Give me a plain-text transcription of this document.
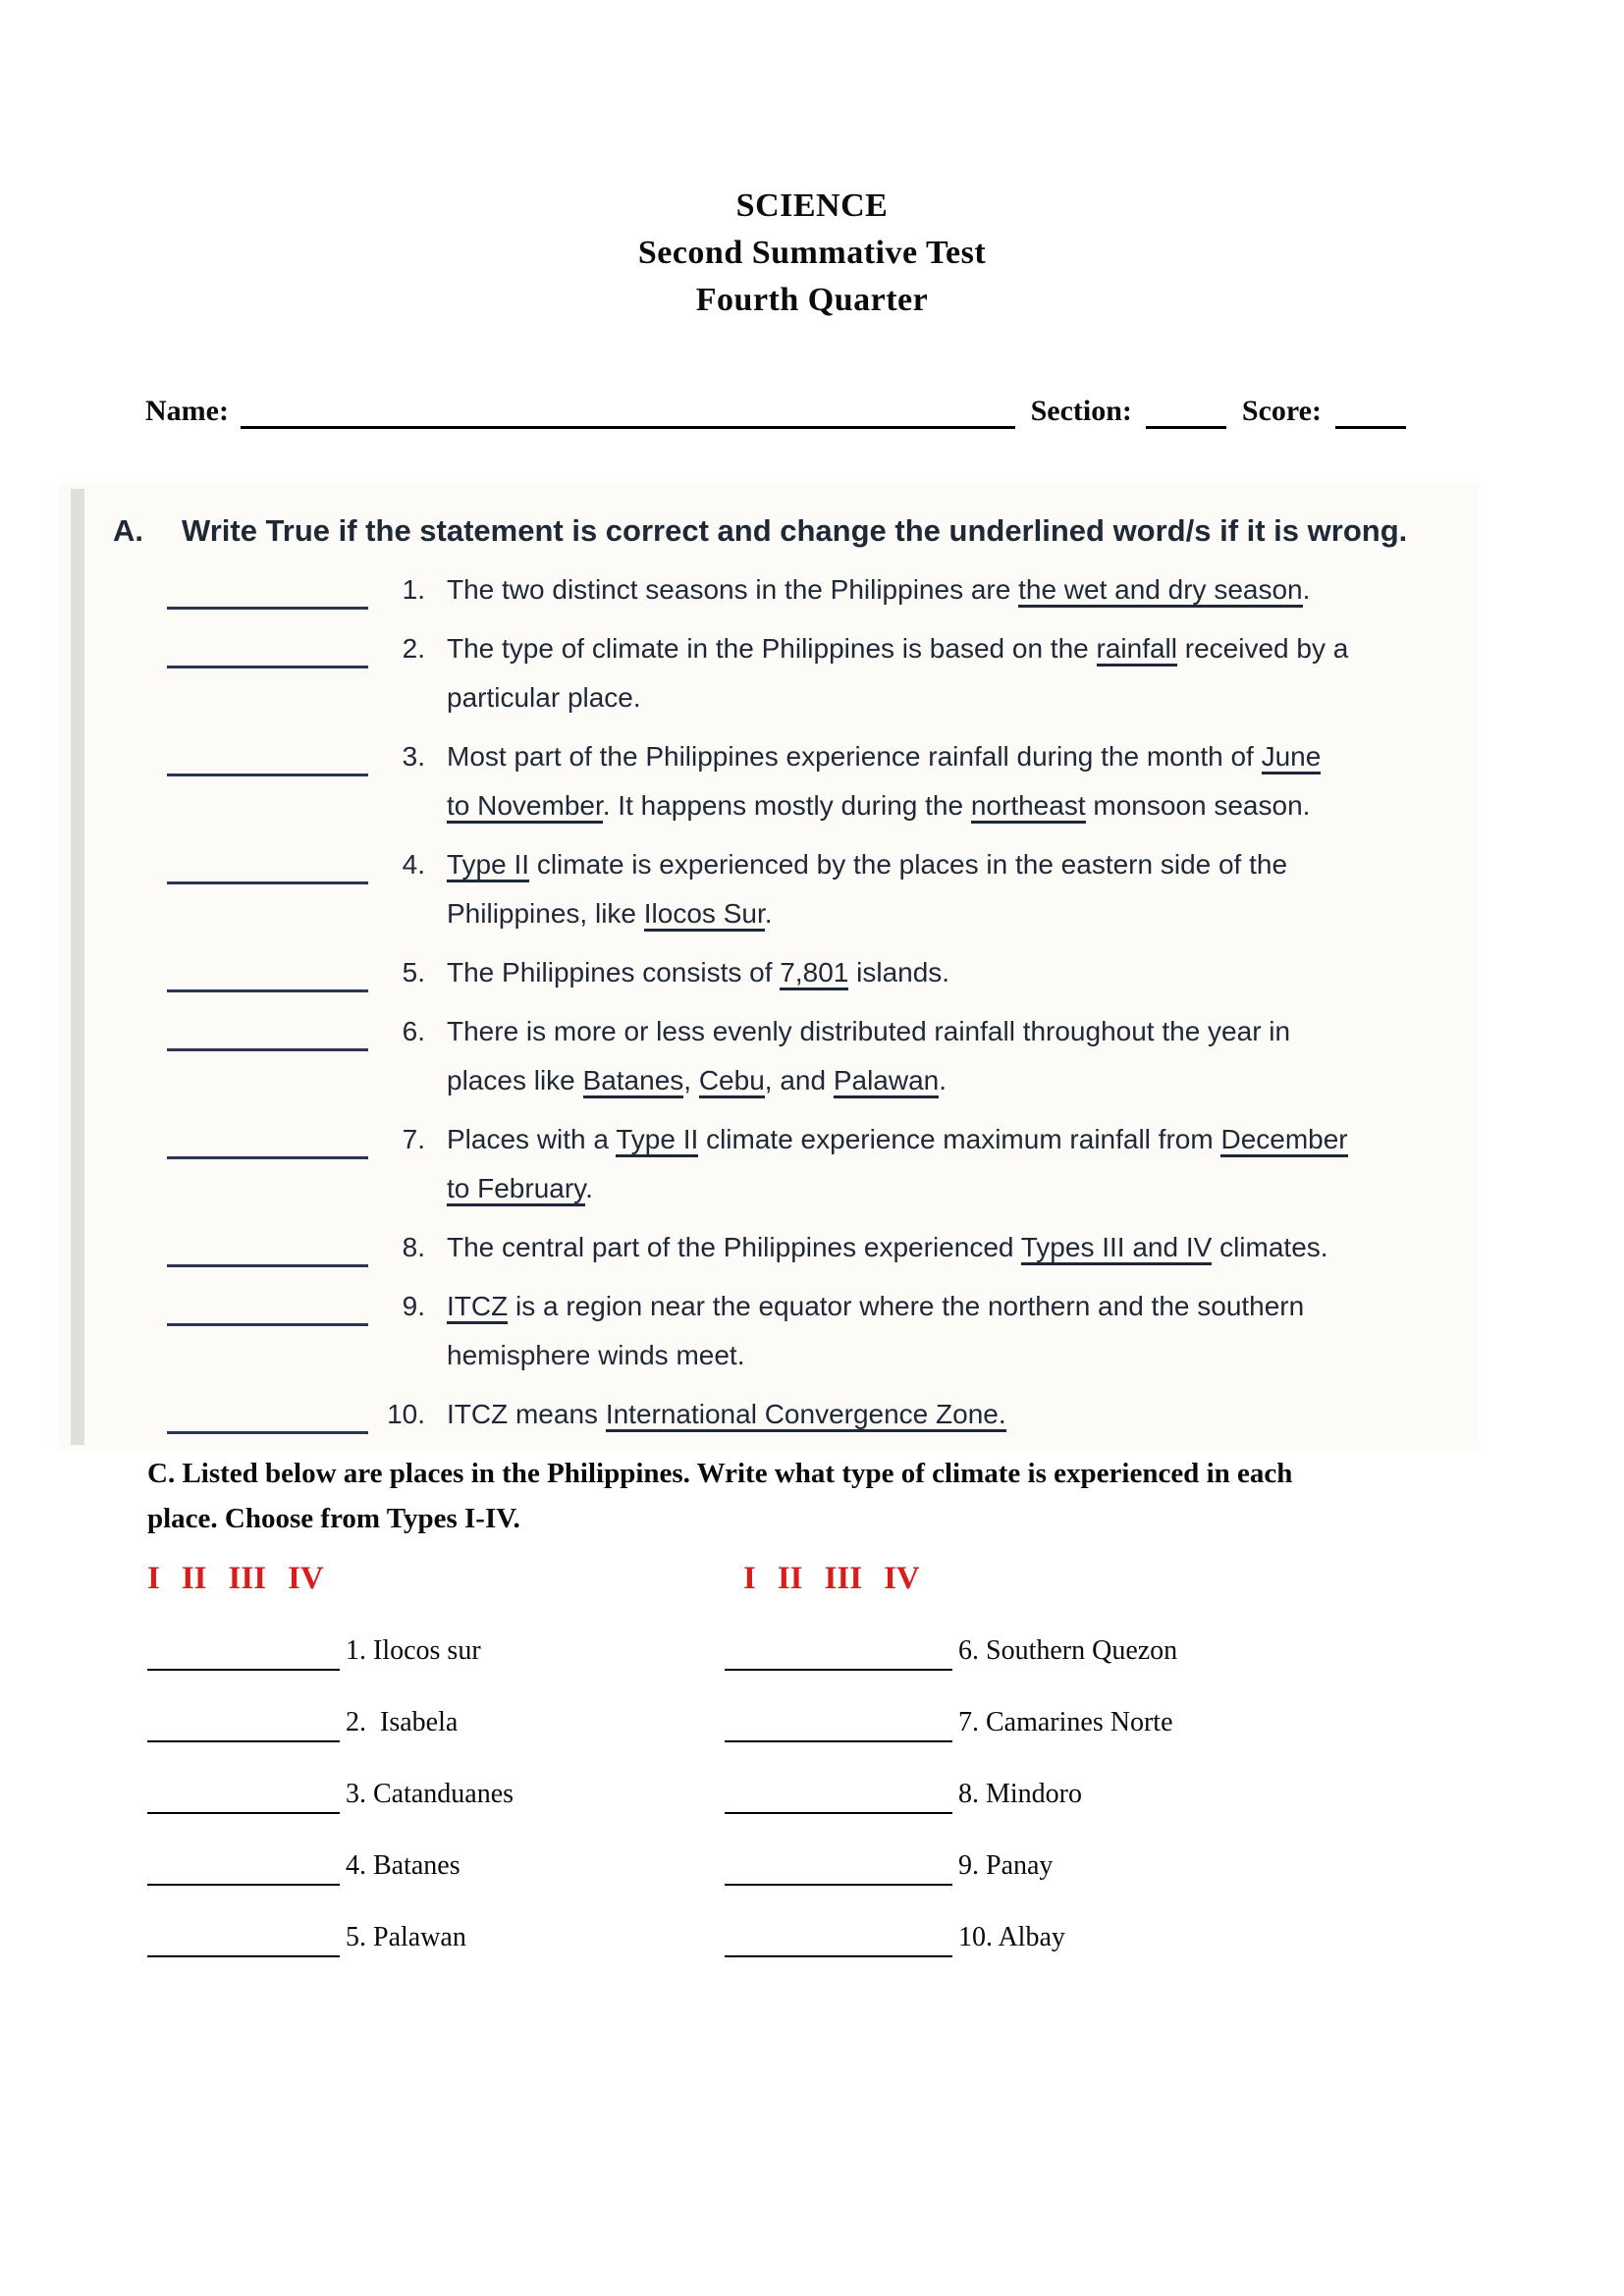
SCIENCE
Second Summative Test
Fourth Quarter
Name:	Section:	Score:
A.	Write True if the statement is correct and change the underlined word/s if it is wrong.
1. The two distinct seasons in the Philippines are the wet and dry season.
2. The type of climate in the Philippines is based on the rainfall received by a
particular place.
3. Most part of the Philippines experience rainfall during the month of June
to November. It happens mostly during the northeast monsoon season.
4. Type II climate is experienced by the places in the eastern side of the
Philippines, like Ilocos Sur.
5. The Philippines consists of 7,801 islands.
6. There is more or less evenly distributed rainfall throughout the year in
places like Batanes, Cebu, and Palawan.
7. Places with a Type II climate experience maximum rainfall from December
to February.
8. The central part of the Philippines experienced Types III and IV climates.
9. ITCZ is a region near the equator where the northern and the southern
hemisphere winds meet.
10. ITCZ means International Convergence Zone.
C. Listed below are places in the Philippines. Write what type of climate is experienced in each
place. Choose from Types I-IV.
I II III IV	I II III IV
1. Ilocos sur
2.  Isabela
3. Catanduanes
4. Batanes
5. Palawan
6. Southern Quezon
7. Camarines Norte
8. Mindoro
9. Panay
10. Albay
